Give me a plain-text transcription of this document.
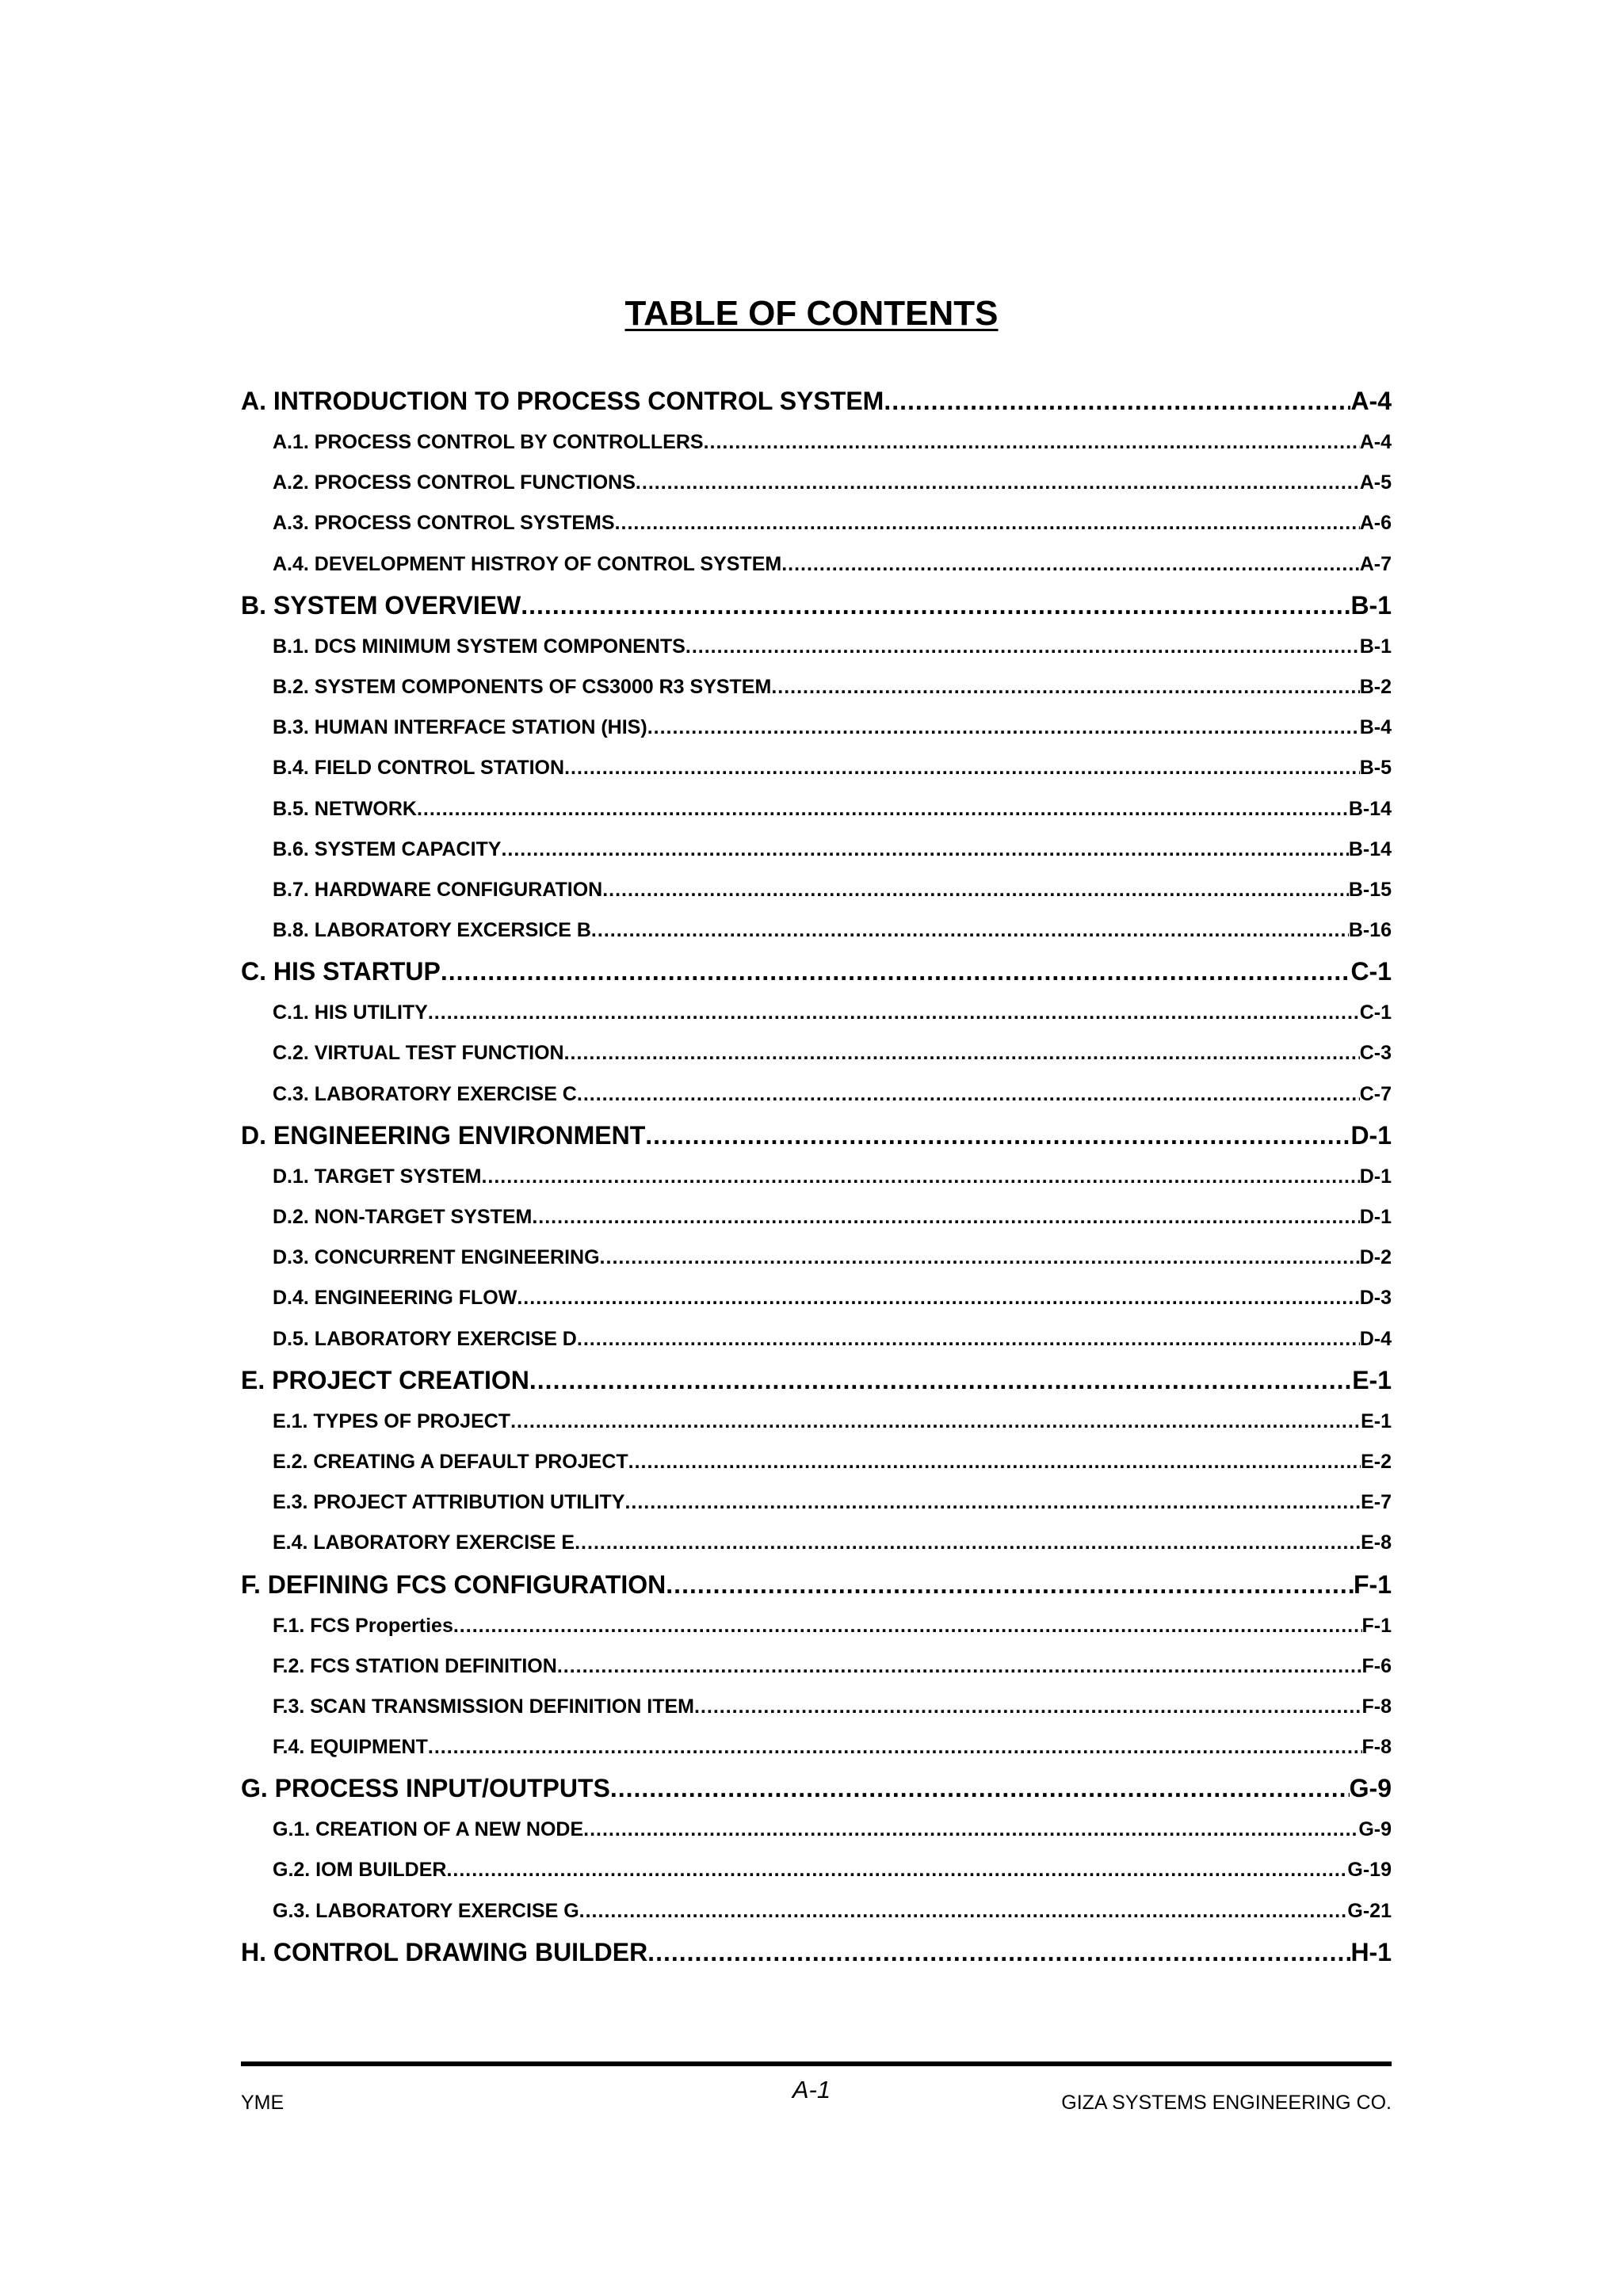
TABLE OF CONTENTS
A. INTRODUCTION TO PROCESS CONTROL SYSTEM .....	A-4
A.1. PROCESS CONTROL BY CONTROLLERS .....	A-4
A.2. PROCESS CONTROL FUNCTIONS .....	A-5
A.3. PROCESS CONTROL SYSTEMS .....	A-6
A.4. DEVELOPMENT HISTROY OF CONTROL SYSTEM .....	A-7
B. SYSTEM OVERVIEW .....	B-1
B.1. DCS MINIMUM SYSTEM COMPONENTS .....	B-1
B.2. SYSTEM COMPONENTS OF CS3000 R3 SYSTEM .....	B-2
B.3. HUMAN INTERFACE STATION (HIS) .....	B-4
B.4. FIELD CONTROL STATION .....	B-5
B.5. NETWORK .....	B-14
B.6. SYSTEM CAPACITY .....	B-14
B.7. HARDWARE CONFIGURATION .....	B-15
B.8. LABORATORY EXCERSICE B .....	B-16
C. HIS STARTUP .....	C-1
C.1. HIS UTILITY .....	C-1
C.2. VIRTUAL TEST FUNCTION .....	C-3
C.3. LABORATORY EXERCISE C .....	C-7
D. ENGINEERING ENVIRONMENT .....	D-1
D.1. TARGET SYSTEM .....	D-1
D.2. NON-TARGET SYSTEM .....	D-1
D.3. CONCURRENT ENGINEERING .....	D-2
D.4. ENGINEERING FLOW .....	D-3
D.5. LABORATORY EXERCISE D .....	D-4
E. PROJECT CREATION .....	E-1
E.1. TYPES OF PROJECT .....	E-1
E.2. CREATING A DEFAULT PROJECT .....	E-2
E.3. PROJECT ATTRIBUTION UTILITY .....	E-7
E.4. LABORATORY EXERCISE E .....	E-8
F. DEFINING FCS CONFIGURATION .....	F-1
F.1. FCS Properties .....	F-1
F.2. FCS STATION DEFINITION .....	F-6
F.3. SCAN TRANSMISSION DEFINITION ITEM .....	F-8
F.4. EQUIPMENT .....	F-8
G. PROCESS INPUT/OUTPUTS .....	G-9
G.1. CREATION OF A NEW NODE .....	G-9
G.2. IOM BUILDER .....	G-19
G.3. LABORATORY EXERCISE G .....	G-21
H. CONTROL DRAWING BUILDER .....	H-1
YME	A-1	GIZA SYSTEMS ENGINEERING CO.
